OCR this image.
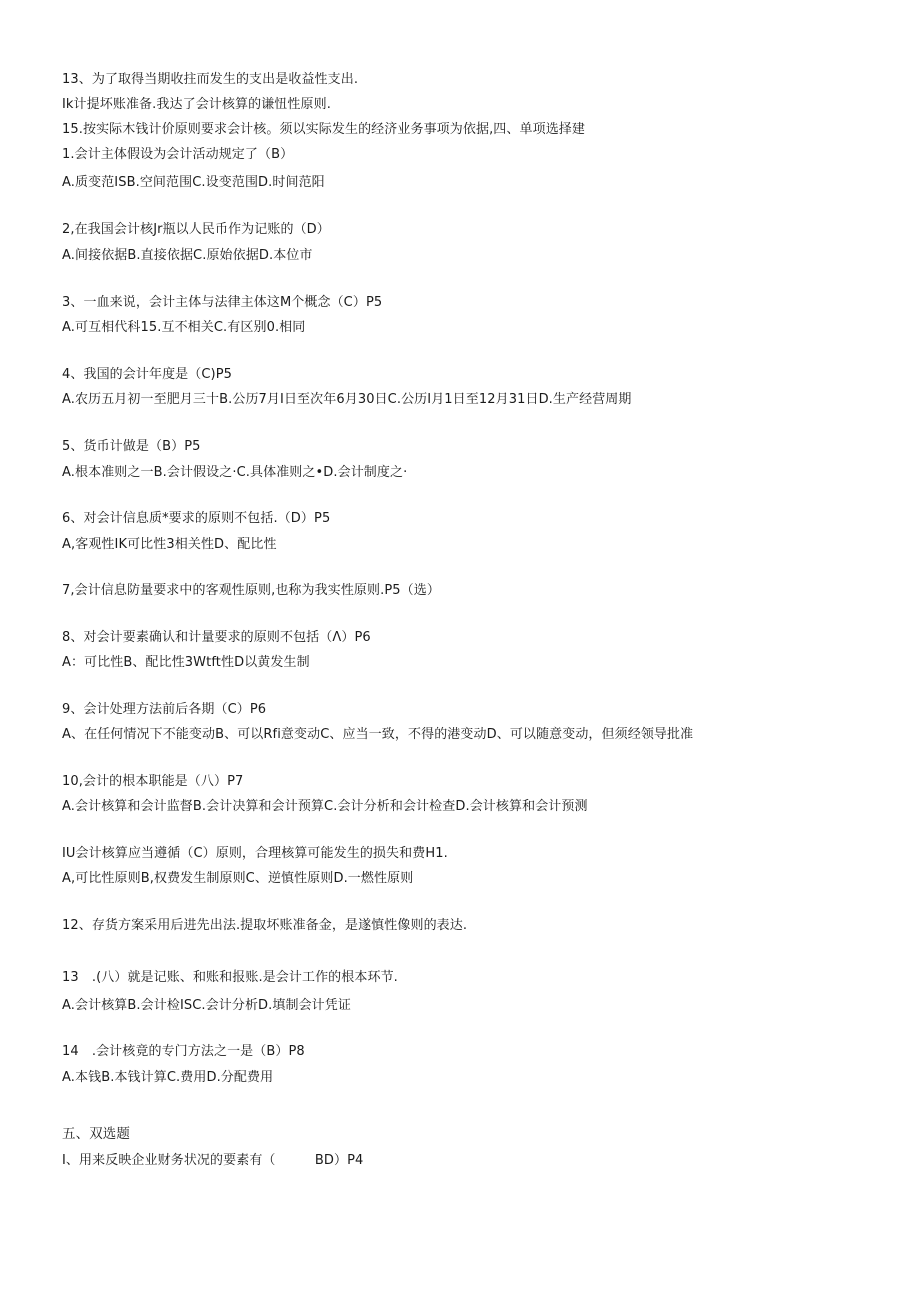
13、为了取得当期收拄而发生的支出是收益性支出.
Ik计提坏账准备.我达了会计核算的谦忸性原则.
15.按实际木钱计价原则要求会计核。须以实际发生的经济业务事项为依据,四、单项选择建
1.会计主体假设为会计活动规定了（B）
A.质变范ISB.空间范围C.设变范围D.时间范阳
2,在我国会计核Jr瓶以人民币作为记账的（D）
A.间接依据B.直接依据C.原始依据D.本位市
3、一血来说，会计主体与法律主体这M个概念（C）P5
A.可互相代科15.互不相关C.有区别0.相同
4、我国的会计年度是（C)P5
A.农历五月初一至肥月三十B.公历7月I日至次年6月30日C.公历I月1日至12月31日D.生产经营周期
5、货币计做是（B）P5
A.根本准则之一B.会计假设之·C.具体准则之•D.会计制度之·
6、对会计信息质*要求的原则不包括.（D）P5
A,客观性IK可比性3相关性D、配比性
7,会计信息防量要求中的客观性原则,也称为我实性原则.P5（选）
8、对会计要素确认和计量要求的原则不包括（Λ）P6
A：可比性B、配比性3Wtft性D以黄发生制
9、会计处理方法前后各期（C）P6
A、在任何情况下不能变动B、可以Rfi意变动C、应当一致，不得的港变动D、可以随意变动，但须经领导批准
10,会计的根本职能是（八）P7
A.会计核算和会计监督B.会计决算和会计预算C.会计分析和会计检查D.会计核算和会计预测
IU会计核算应当遵循（C）原则，合理核算可能发生的损失和费H1.
A,可比性原则B,权费发生制原则C、逆慎性原则D.一燃性原则
12、存货方案采用后进先出法.提取坏账准备金，是遂慎性像则的表达.
13　.(八）就是记账、和账和报账.是会计工作的根本环节.
A.会计核算B.会计检ISC.会计分析D.填制会计凭证
14　.会计核竟的专门方法之一是（B）P8
A.本钱B.本钱计算C.费用D.分配费用
五、双选题
I、用来反映企业财务状况的要素有（　　　BD）P4
